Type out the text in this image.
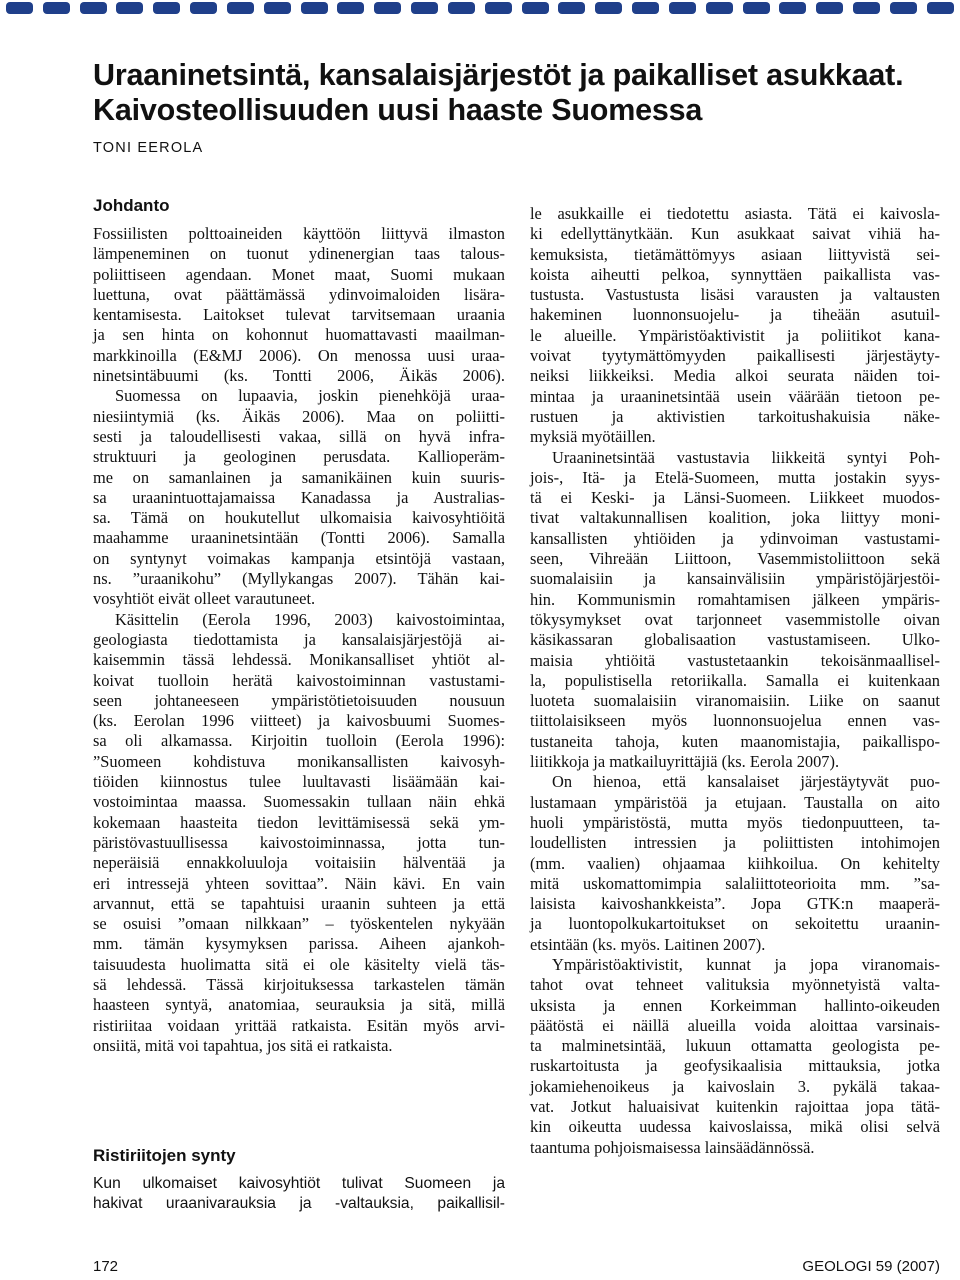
Uraaninetsintä, kansalaisjärjestöt ja paikalliset asukkaat.
Kaivosteollisuuden uusi haaste Suomessa

TONI EEROLA

Johdanto
Fossiilisten polttoaineiden käyttöön liittyvä ilmaston
lämpeneminen on tuonut ydinenergian taas talous-
poliittiseen agendaan. Monet maat, Suomi mukaan
luettuna, ovat päättämässä ydinvoimaloiden lisära-
kentamisesta. Laitokset tulevat tarvitsemaan uraania
ja sen hinta on kohonnut huomattavasti maailman-
markkinoilla (E&MJ 2006). On menossa uusi uraa-
ninetsintäbuumi (ks. Tontti 2006, Äikäs 2006).
Suomessa on lupaavia, joskin pienehköjä uraa-
niesiintymiä (ks. Äikäs 2006). Maa on poliitti-
sesti ja taloudellisesti vakaa, sillä on hyvä infra-
struktuuri ja geologinen perusdata. Kallioperäm-
me on samanlainen ja samanikäinen kuin suuris-
sa uraanintuottajamaissa Kanadassa ja Australias-
sa. Tämä on houkutellut ulkomaisia kaivosyhtiöitä
maahamme uraaninetsintään (Tontti 2006). Samalla
on syntynyt voimakas kampanja etsintöjä vastaan,
ns. ”uraanikohu” (Myllykangas 2007). Tähän kai-
vosyhtiöt eivät olleet varautuneet.
Käsittelin (Eerola 1996, 2003) kaivostoimintaa,
geologiasta tiedottamista ja kansalaisjärjestöjä ai-
kaisemmin tässä lehdessä. Monikansalliset yhtiöt al-
koivat tuolloin herätä kaivostoiminnan vastustami-
seen johtaneeseen ympäristötietoisuuden nousuun
(ks. Eerolan 1996 viitteet) ja kaivosbuumi Suomes-
sa oli alkamassa. Kirjoitin tuolloin (Eerola 1996):
”Suomeen kohdistuva monikansallisten kaivosyh-
tiöiden kiinnostus tulee luultavasti lisäämään kai-
vostoimintaa maassa. Suomessakin tullaan näin ehkä
kokemaan haasteita tiedon levittämisessä sekä ym-
päristövastuullisessa kaivostoiminnassa, jotta tun-
neperäisiä ennakkoluuloja voitaisiin hälventää ja
eri intressejä yhteen sovittaa”. Näin kävi. En vain
arvannut, että se tapahtuisi uraanin suhteen ja että
se osuisi ”omaan nilkkaan” – työskentelen nykyään
mm. tämän kysymyksen parissa. Aiheen ajankoh-
taisuudesta huolimatta sitä ei ole käsitelty vielä täs-
sä lehdessä. Tässä kirjoituksessa tarkastelen tämän
haasteen syntyä, anatomiaa, seurauksia ja sitä, millä
ristiriitaa voidaan yrittää ratkaista. Esitän myös arvi-
onsiitä, mitä voi tapahtua, jos sitä ei ratkaista.
Ristiriitojen synty
Kun ulkomaiset kaivosyhtiöt tulivat Suomeen ja
hakivat uraanivarauksia ja -valtauksia, paikallisil-
le asukkaille ei tiedotettu asiasta. Tätä ei kaivosla-
ki edellyttänytkään. Kun asukkaat saivat vihiä ha-
kemuksista, tietämättömyys asiaan liittyvistä sei-
koista aiheutti pelkoa, synnyttäen paikallista vas-
tustusta. Vastustusta lisäsi varausten ja valtausten
hakeminen luonnonsuojelu- ja tiheään asutuil-
le alueille. Ympäristöaktivistit ja poliitikot kana-
voivat tyytymättömyyden paikallisesti järjestäyty-
neiksi liikkeiksi. Media alkoi seurata näiden toi-
mintaa ja uraaninetsintää usein väärään tietoon pe-
rustuen ja aktivistien tarkoitushakuisia näke-
myksiä myötäillen.
Uraaninetsintää vastustavia liikkeitä syntyi Poh-
jois-, Itä- ja Etelä-Suomeen, mutta jostakin syys-
tä ei Keski- ja Länsi-Suomeen. Liikkeet muodos-
tivat valtakunnallisen koalition, joka liittyy moni-
kansallisten yhtiöiden ja ydinvoiman vastustami-
seen, Vihreään Liittoon, Vasemmistoliittoon sekä
suomalaisiin ja kansainvälisiin ympäristöjärjestöi-
hin. Kommunismin romahtamisen jälkeen ympäris-
tökysymykset ovat tarjonneet vasemmistolle oivan
käsikassaran globalisaation vastustamiseen. Ulko-
maisia yhtiöitä vastustetaankin tekoisänmaallisel-
la, populistisella retoriikalla. Samalla ei kuitenkaan
luoteta suomalaisiin viranomaisiin. Liike on saanut
tiittolaisikseen myös luonnonsuojelua ennen vas-
tustaneita tahoja, kuten maanomistajia, paikallispo-
liitikkoja ja matkailuyrittäjiä (ks. Eerola 2007).
On hienoa, että kansalaiset järjestäytyvät puo-
lustamaan ympäristöä ja etujaan. Taustalla on aito
huoli ympäristöstä, mutta myös tiedonpuutteen, ta-
loudellisten intressien ja poliittisten intohimojen
(mm. vaalien) ohjaamaa kiihkoilua. On kehitelty
mitä uskomattomimpia salaliittoteorioita mm. ”sa-
laisista kaivoshankkeista”. Jopa GTK:n maaperä-
ja luontopolkukartoitukset on sekoitettu uraanin-
etsintään (ks. myös. Laitinen 2007).
Ympäristöaktivistit, kunnat ja jopa viranomais-
tahot ovat tehneet valituksia myönnetyistä valta-
uksista ja ennen Korkeimman hallinto-oikeuden
päätöstä ei näillä alueilla voida aloittaa varsinais-
ta malminetsintää, lukuun ottamatta geologista pe-
ruskartoitusta ja geofysikaalisia mittauksia, jotka
jokamiehenoikeus ja kaivoslain 3. pykälä takaa-
vat. Jotkut haluaisivat kuitenkin rajoittaa jopa tätä-
kin oikeutta uudessa kaivoslaissa, mikä olisi selvä
taantuma pohjoismaisessa lainsäädännössä.

172	GEOLOGI 59 (2007)
